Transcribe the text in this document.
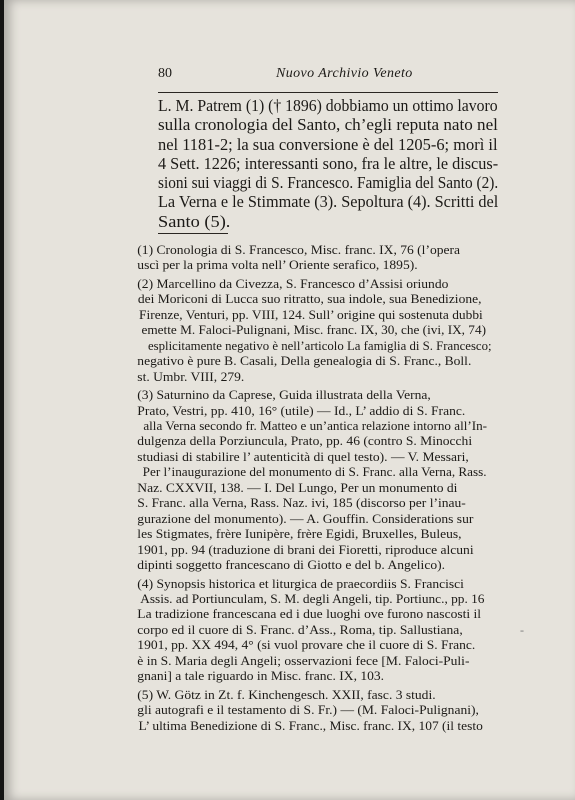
80	Nuovo Archivio Veneto
L. M. Patrem (1) († 1896) dobbiamo un ottimo lavoro
sulla cronologia del Santo, ch’egli reputa nato nel
nel 1181-2; la sua conversione è del 1205-6; morì il
4 Sett. 1226; interessanti sono, fra le altre, le discus-
sioni sui viaggi di S. Francesco. Famiglia del Santo (2).
La Verna e le Stimmate (3). Sepoltura (4). Scritti del
Santo (5).
(1) Cronologia di S. Francesco, Misc. franc. IX, 76 (l’opera
uscì per la prima volta nell’ Oriente serafico, 1895).
(2) Marcellino da Civezza, S. Francesco d’Assisi oriundo
dei Moriconi di Lucca suo ritratto, sua indole, sua Benedizione,
Firenze, Venturi, pp. VIII, 124. Sull’ origine qui sostenuta dubbi
emette M. Faloci-Pulignani, Misc. franc. IX, 30, che (ivi, IX, 74)
esplicitamente negativo è nell’articolo La famiglia di S. Francesco;
negativo è pure B. Casali, Della genealogia di S. Franc., Boll.
st. Umbr. VIII, 279.
(3) Saturnino da Caprese, Guida illustrata della Verna,
Prato, Vestri, pp. 410, 16° (utile) — Id., L’ addio di S. Franc.
alla Verna secondo fr. Matteo e un’antica relazione intorno all’In-
dulgenza della Porziuncula, Prato, pp. 46 (contro S. Minocchi
studiasi di stabilire l’ autenticità di quel testo). — V. Messari,
Per l’inaugurazione del monumento di S. Franc. alla Verna, Rass.
Naz. CXXVII, 138. — I. Del Lungo, Per un monumento di
S. Franc. alla Verna, Rass. Naz. ivi, 185 (discorso per l’inau-
gurazione del monumento). — A. Gouffin. Considerations sur
les Stigmates, frère Iunipère, frère Egidi, Bruxelles, Buleus,
1901, pp. 94 (traduzione di brani dei Fioretti, riproduce alcuni
dipinti soggetto francescano di Giotto e del b. Angelico).
(4) Synopsis historica et liturgica de praecordiis S. Francisci
Assis. ad Portiunculam, S. M. degli Angeli, tip. Portiunc., pp. 16
La tradizione francescana ed i due luoghi ove furono nascosti il
corpo ed il cuore di S. Franc. d’Ass., Roma, tip. Sallustiana,
1901, pp. XX 494, 4° (si vuol provare che il cuore di S. Franc.
è in S. Maria degli Angeli; osservazioni fece [M. Faloci-Puli-
gnani] a tale riguardo in Misc. franc. IX, 103.
(5) W. Götz in Zt. f. Kinchengesch. XXII, fasc. 3 studi.
gli autografi e il testamento di S. Fr.) — (M. Faloci-Pulignani),
L’ ultima Benedizione di S. Franc., Misc. franc. IX, 107 (il testo
-
